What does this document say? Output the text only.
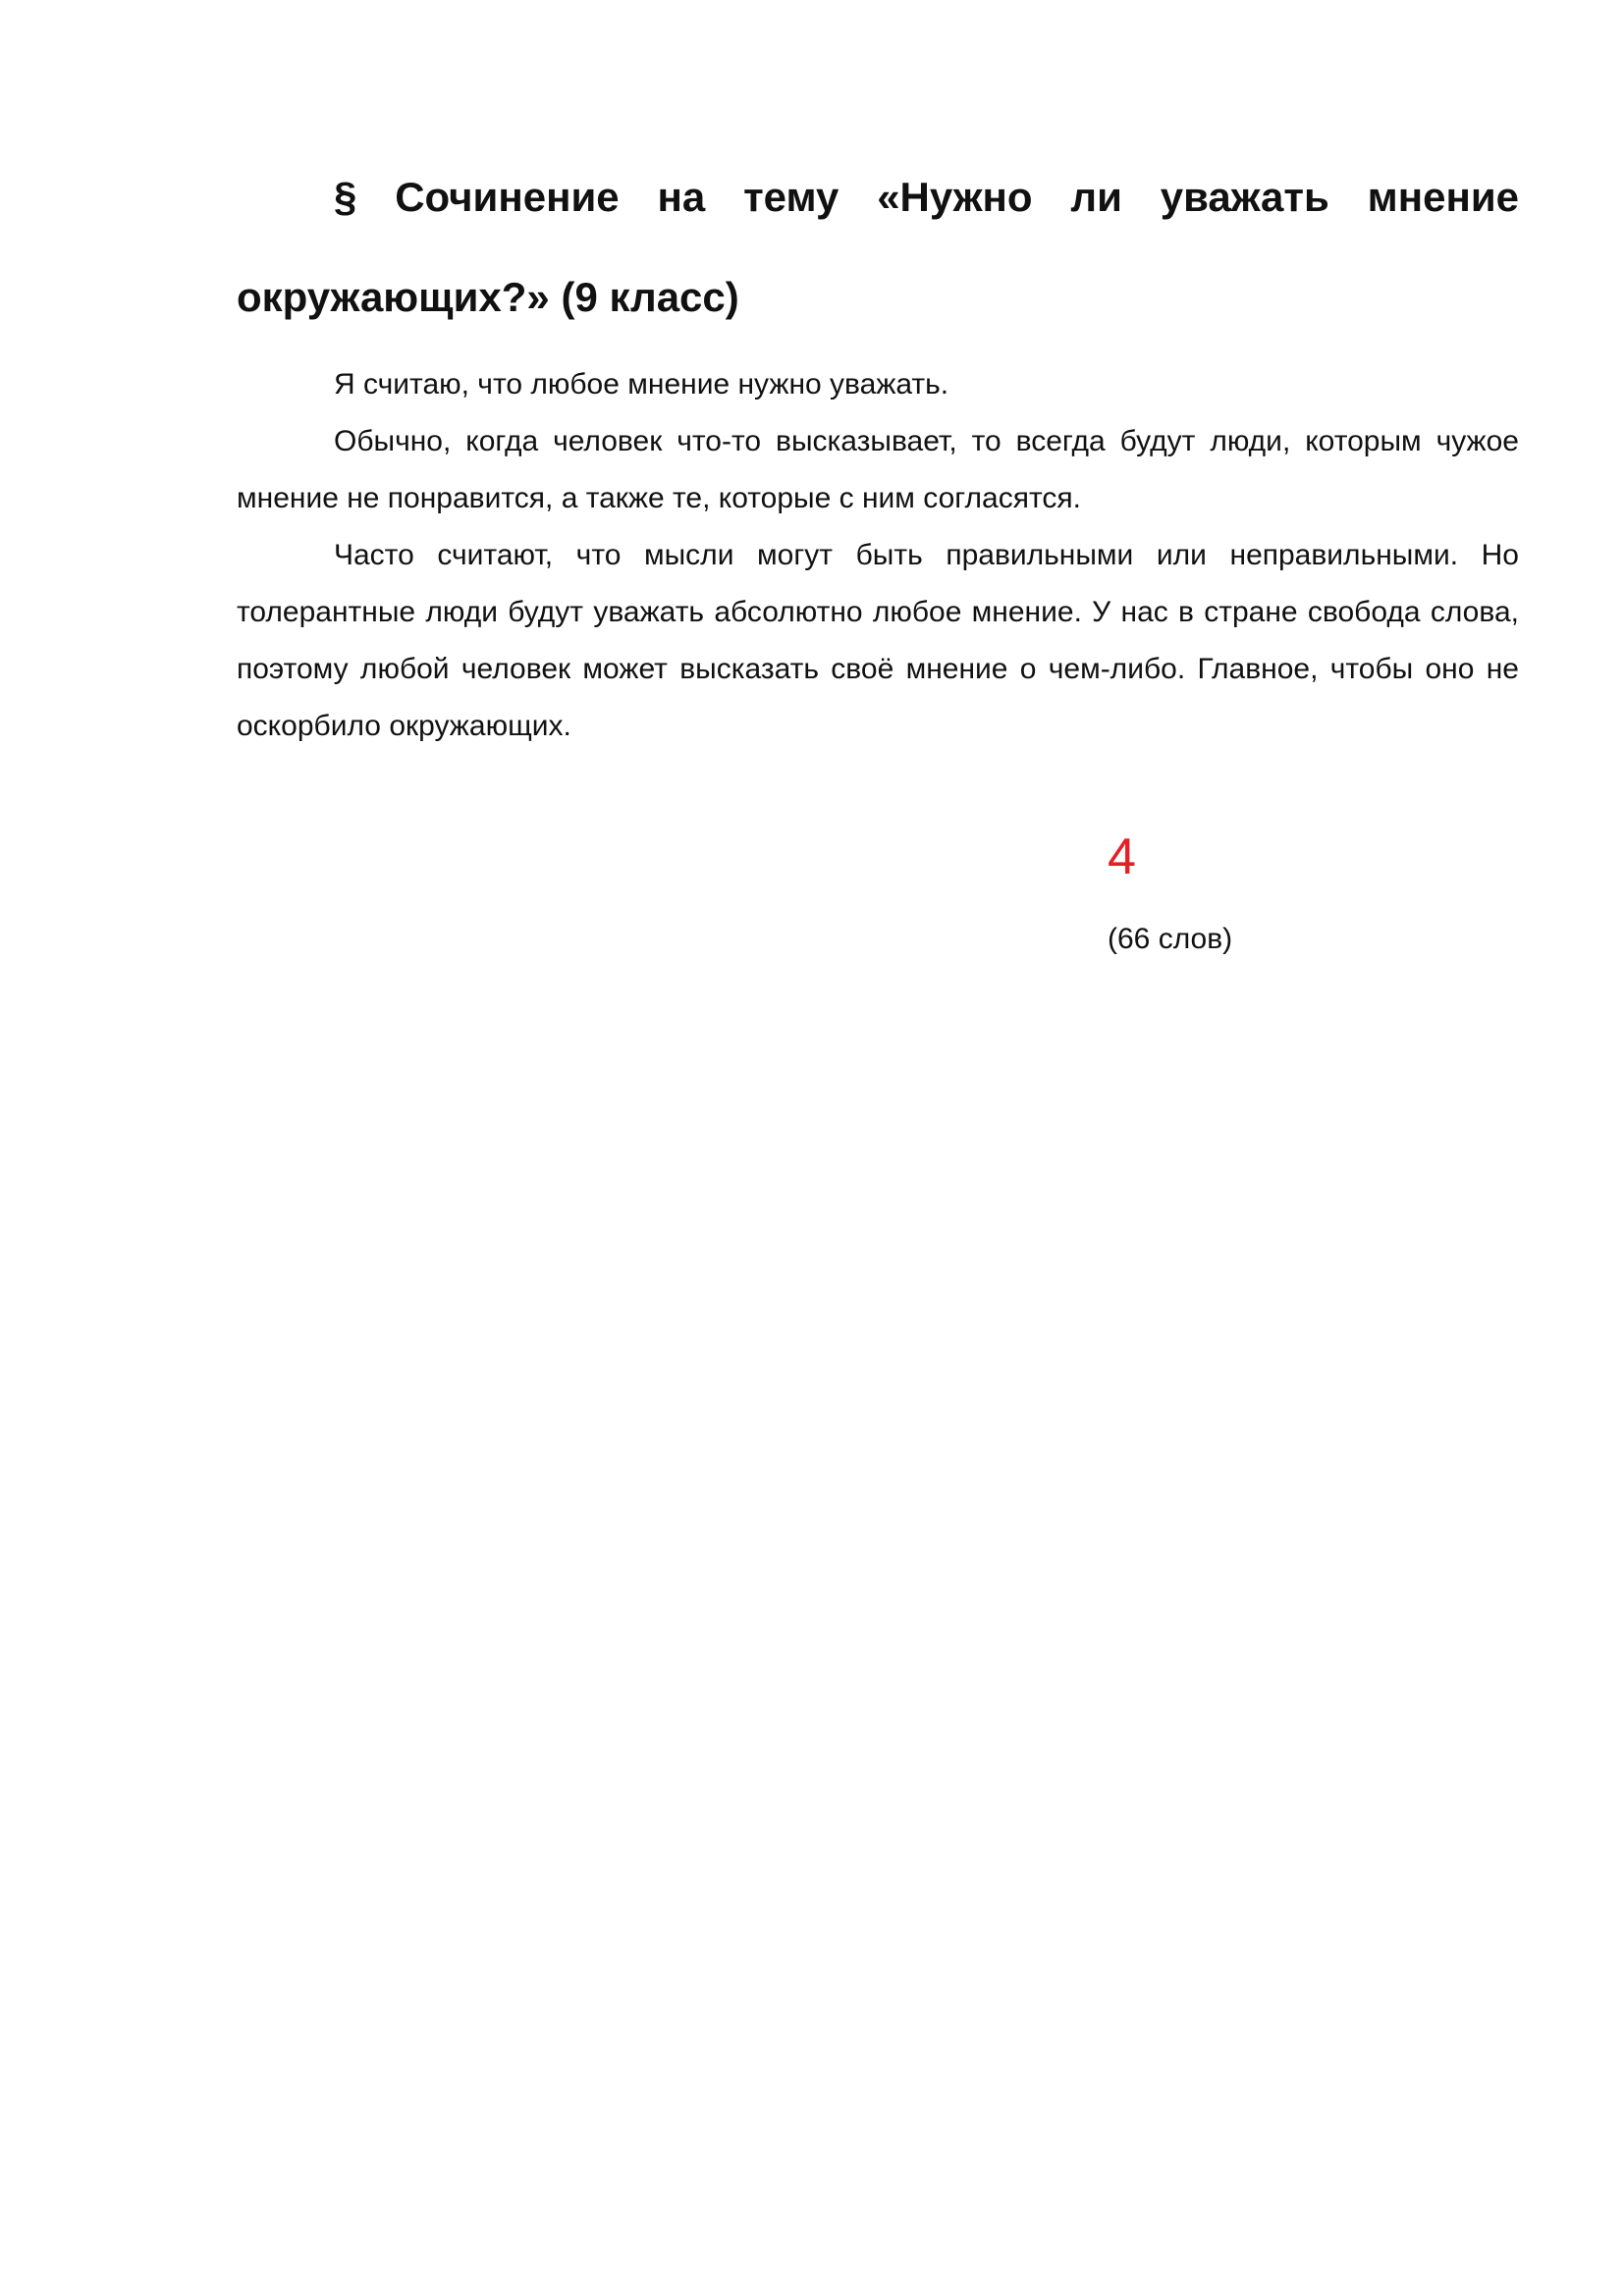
§ Сочинение на тему «Нужно ли уважать мнение окружающих?» (9 класс)

Я считаю, что любое мнение нужно уважать.

Обычно, когда человек что-то высказывает, то всегда будут люди, которым чужое мнение не понравится, а также те, которые с ним согласятся.

Часто считают, что мысли могут быть правильными или неправильными. Но толерантные люди будут уважать абсолютно любое мнение. У нас в стране свобода слова, поэтому любой человек может высказать своё мнение о чем-либо. Главное, чтобы оно не оскорбило окружающих.

4
(66 слов)
